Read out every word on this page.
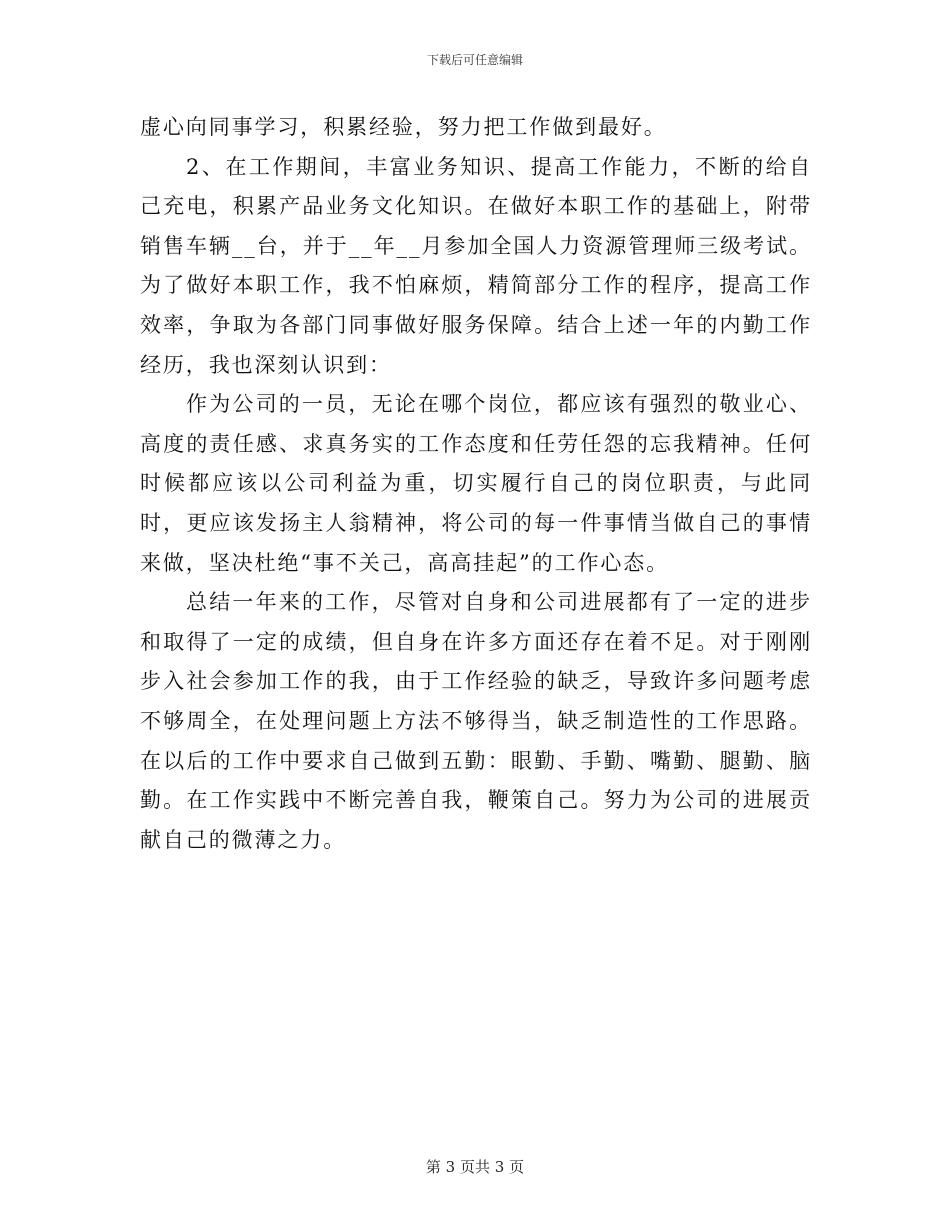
下载后可任意编辑

虚心向同事学习，积累经验，努力把工作做到最好。

2、在工作期间，丰富业务知识、提高工作能力，不断的给自己充电，积累产品业务文化知识。在做好本职工作的基础上，附带销售车辆__台，并于__年__月参加全国人力资源管理师三级考试。为了做好本职工作，我不怕麻烦，精简部分工作的程序，提高工作效率，争取为各部门同事做好服务保障。结合上述一年的内勤工作经历，我也深刻认识到：

作为公司的一员，无论在哪个岗位，都应该有强烈的敬业心、高度的责任感、求真务实的工作态度和任劳任怨的忘我精神。任何时候都应该以公司利益为重，切实履行自己的岗位职责，与此同时，更应该发扬主人翁精神，将公司的每一件事情当做自己的事情来做，坚决杜绝“事不关己，高高挂起”的工作心态。

总结一年来的工作，尽管对自身和公司进展都有了一定的进步和取得了一定的成绩，但自身在许多方面还存在着不足。对于刚刚步入社会参加工作的我，由于工作经验的缺乏，导致许多问题考虑不够周全，在处理问题上方法不够得当，缺乏制造性的工作思路。在以后的工作中要求自己做到五勤：眼勤、手勤、嘴勤、腿勤、脑勤。在工作实践中不断完善自我，鞭策自己。努力为公司的进展贡献自己的微薄之力。

第 3 页共 3 页
